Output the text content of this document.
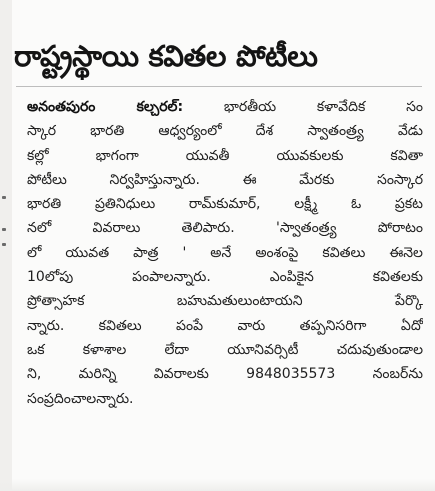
రాష్ట్రస్థాయి కవితల పోటీలు
అనంతపురం కల్చరల్: భారతీయ కళావేదిక సం
స్కార భారతి ఆధ్వర్యంలో దేశ స్వాతంత్ర్య వేడు
కల్లో భాగంగా యువతీ యువకులకు కవితా
పోటీలు నిర్వహిస్తున్నారు. ఈ మేరకు సంస్కార
భారతి ప్రతినిధులు రామ్‌కుమార్, లక్ష్మీ ఓ ప్రకట
నలో వివరాలు తెలిపారు. 'స్వాతంత్ర్య పోరాటం
లో యువత పాత్ర ' అనే అంశంపై కవితలు ఈనెల
10లోపు పంపాలన్నారు. ఎంపికైన కవితలకు
ప్రోత్సాహక బహుమతులుంటాయని పేర్కొ
న్నారు. కవితలు పంపే వారు తప్పనిసరిగా ఏదో
ఒక కళాశాల లేదా యూనివర్సిటీ చదువుతుండాల
ని, మరిన్ని వివరాలకు 9848035573 నంబర్‌ను
సంప్రదించాలన్నారు.
